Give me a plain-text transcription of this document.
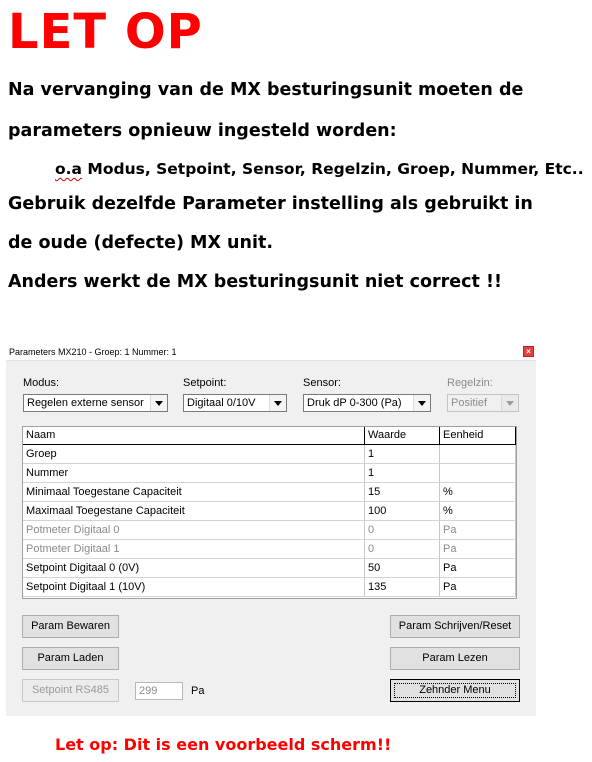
LET OP
Na vervanging van de MX besturingsunit moeten de
parameters opnieuw ingesteld worden:
o.a Modus, Setpoint, Sensor, Regelzin, Groep, Nummer, Etc..
Gebruik dezelfde Parameter instelling als gebruikt in
de oude (defecte) MX unit.
Anders werkt de MX besturingsunit niet correct !!
Parameters MX210 - Groep: 1 Nummer: 1	×
Modus:
Regelen externe sensor
Setpoint:
Digitaal 0/10V
Sensor:
Druk dP 0-300 (Pa)
Regelzin:
Positief
Naam	Waarde	Eenheid
Groep	1
Nummer	1
Minimaal Toegestane Capaciteit	15	%
Maximaal Toegestane Capaciteit	100	%
Potmeter Digitaal 0	0	Pa
Potmeter Digitaal 1	0	Pa
Setpoint Digitaal 0 (0V)	50	Pa
Setpoint Digitaal 1 (10V)	135	Pa
Param Bewaren
Param Laden
Setpoint RS485	299	Pa
Param Schrijven/Reset
Param Lezen
Zehnder Menu
Let op: Dit is een voorbeeld scherm!!
